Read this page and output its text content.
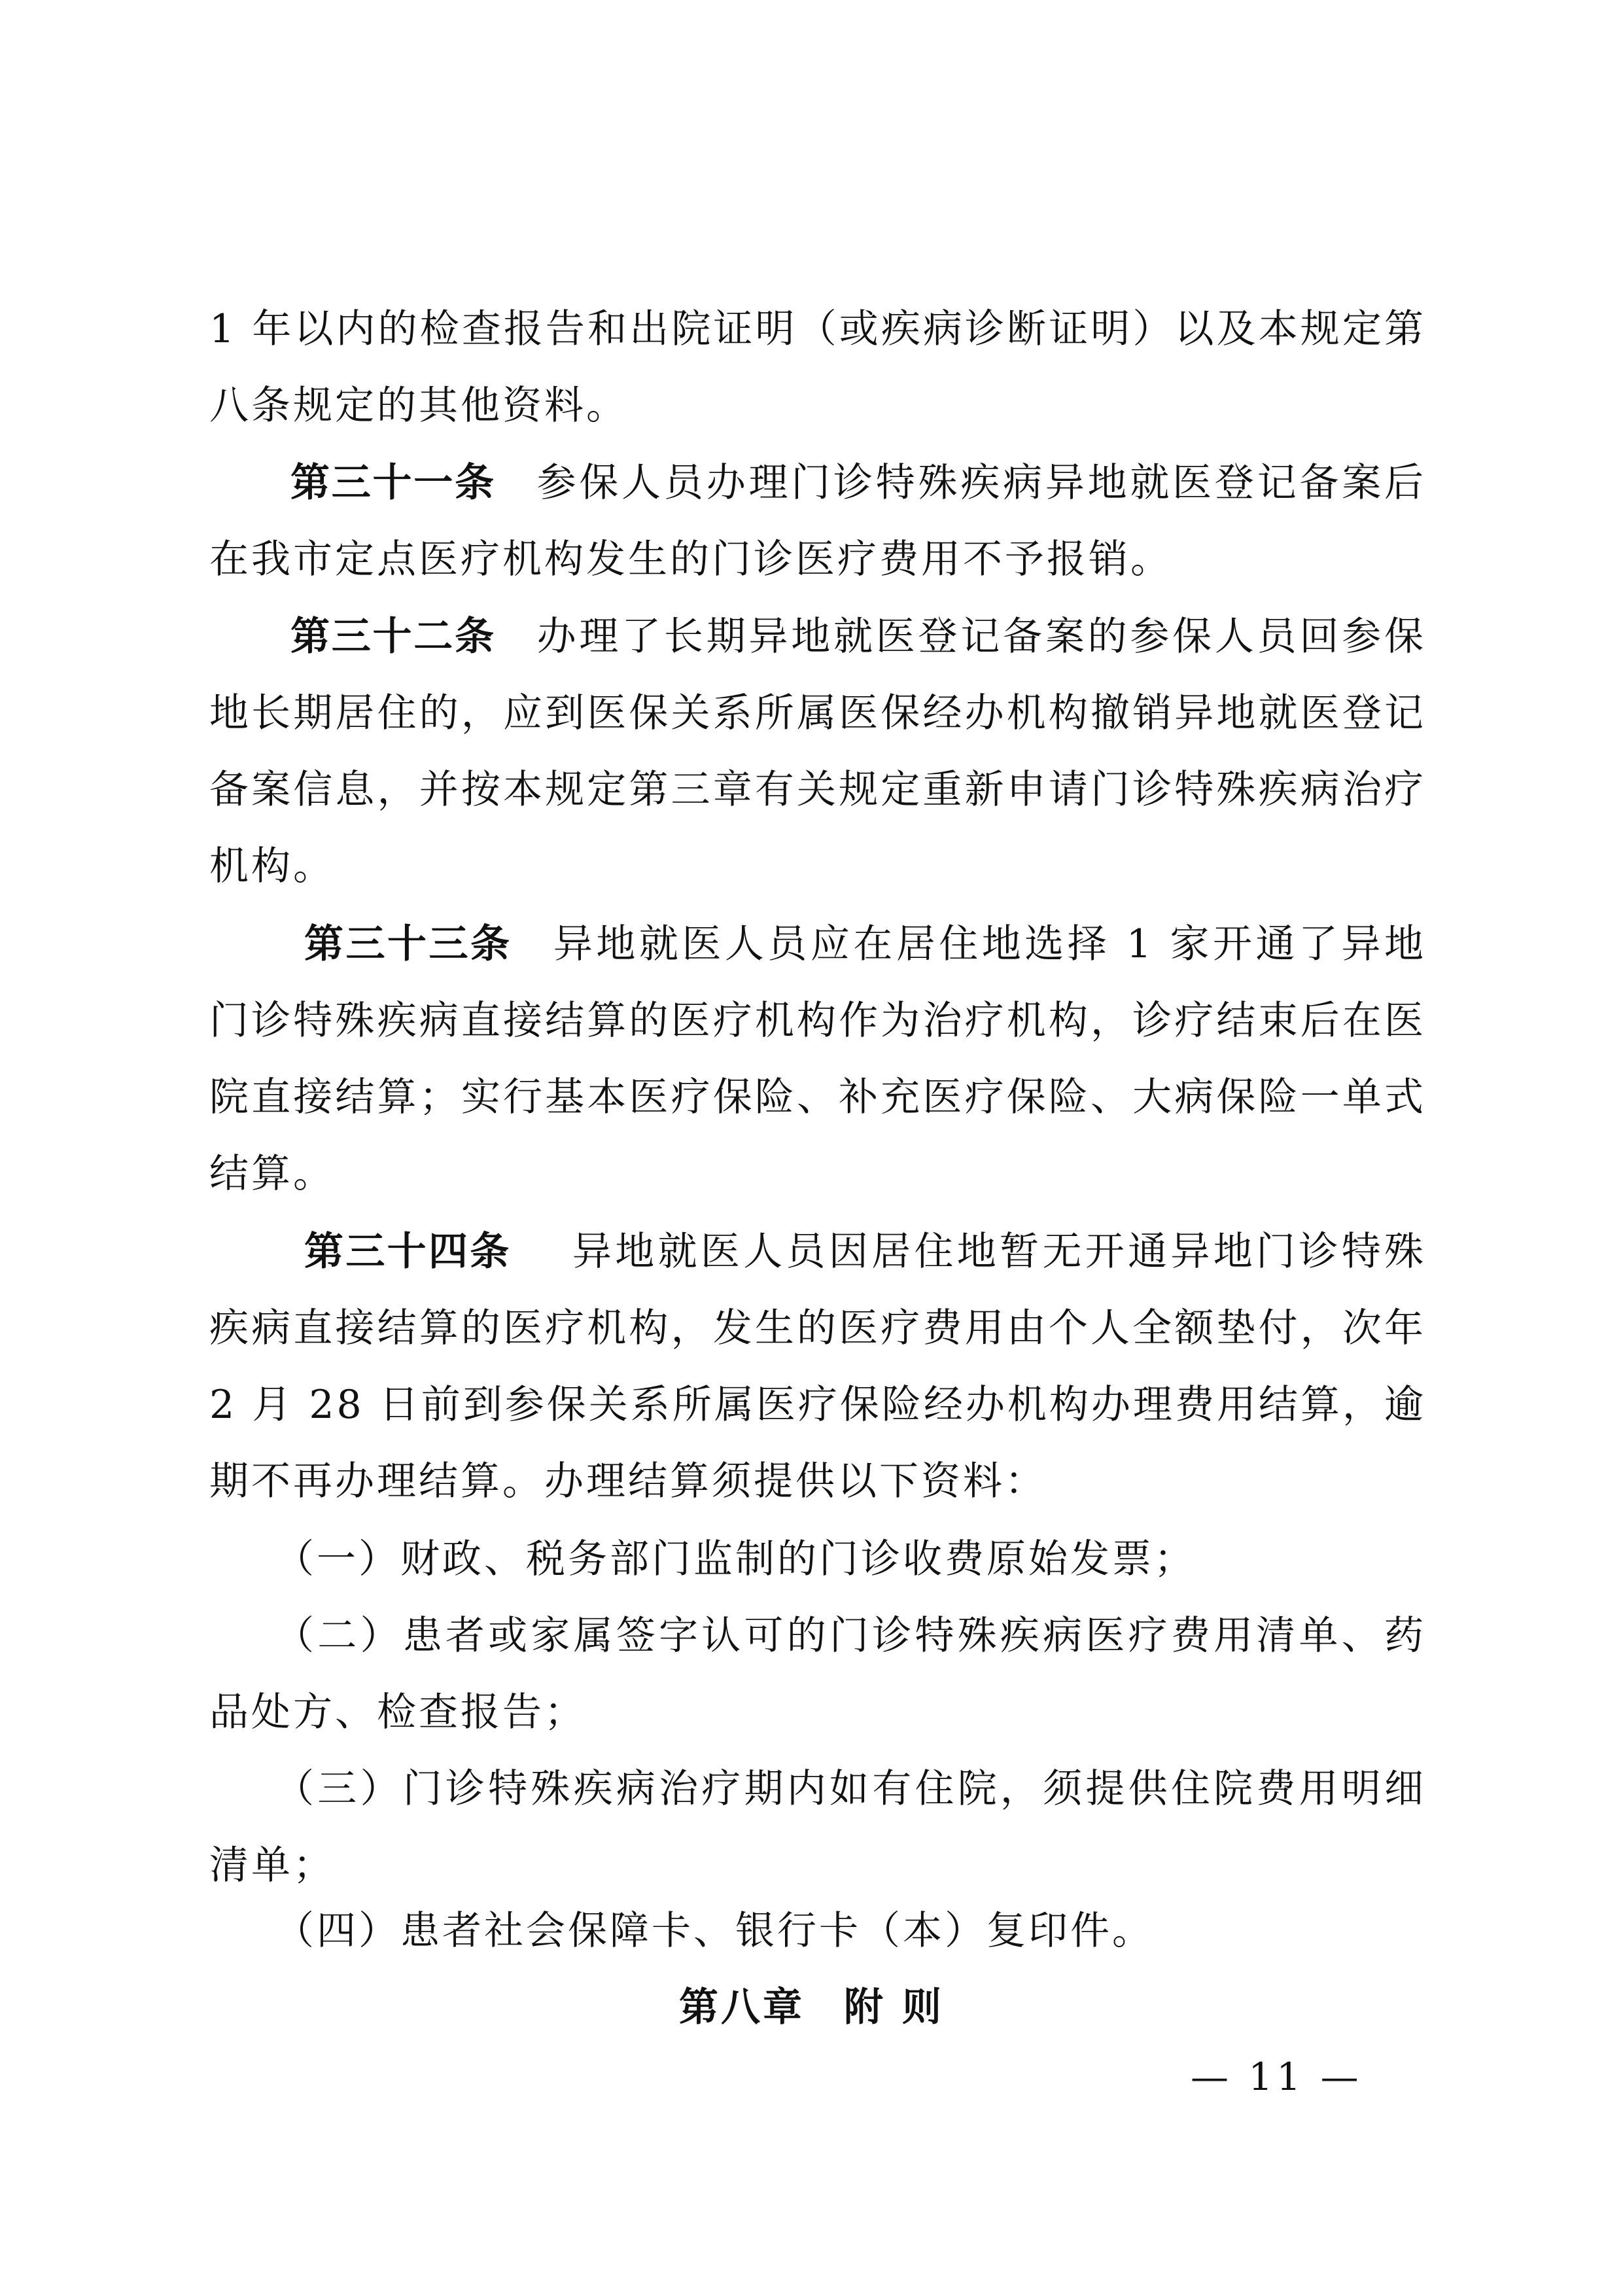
1 年以内的检查报告和出院证明（或疾病诊断证明）以及本规定第八条规定的其他资料。

第三十一条 参保人员办理门诊特殊疾病异地就医登记备案后在我市定点医疗机构发生的门诊医疗费用不予报销。

第三十二条 办理了长期异地就医登记备案的参保人员回参保地长期居住的，应到医保关系所属医保经办机构撤销异地就医登记备案信息，并按本规定第三章有关规定重新申请门诊特殊疾病治疗机构。

第三十三条 异地就医人员应在居住地选择 1 家开通了异地门诊特殊疾病直接结算的医疗机构作为治疗机构，诊疗结束后在医院直接结算；实行基本医疗保险、补充医疗保险、大病保险一单式结算。

第三十四条 异地就医人员因居住地暂无开通异地门诊特殊疾病直接结算的医疗机构，发生的医疗费用由个人全额垫付，次年 2 月 28 日前到参保关系所属医疗保险经办机构办理费用结算，逾期不再办理结算。办理结算须提供以下资料：

（一）财政、税务部门监制的门诊收费原始发票；

（二）患者或家属签字认可的门诊特殊疾病医疗费用清单、药品处方、检查报告；

（三）门诊特殊疾病治疗期内如有住院，须提供住院费用明细清单；

（四）患者社会保障卡、银行卡（本）复印件。

第八章 附 则

— 11 —
